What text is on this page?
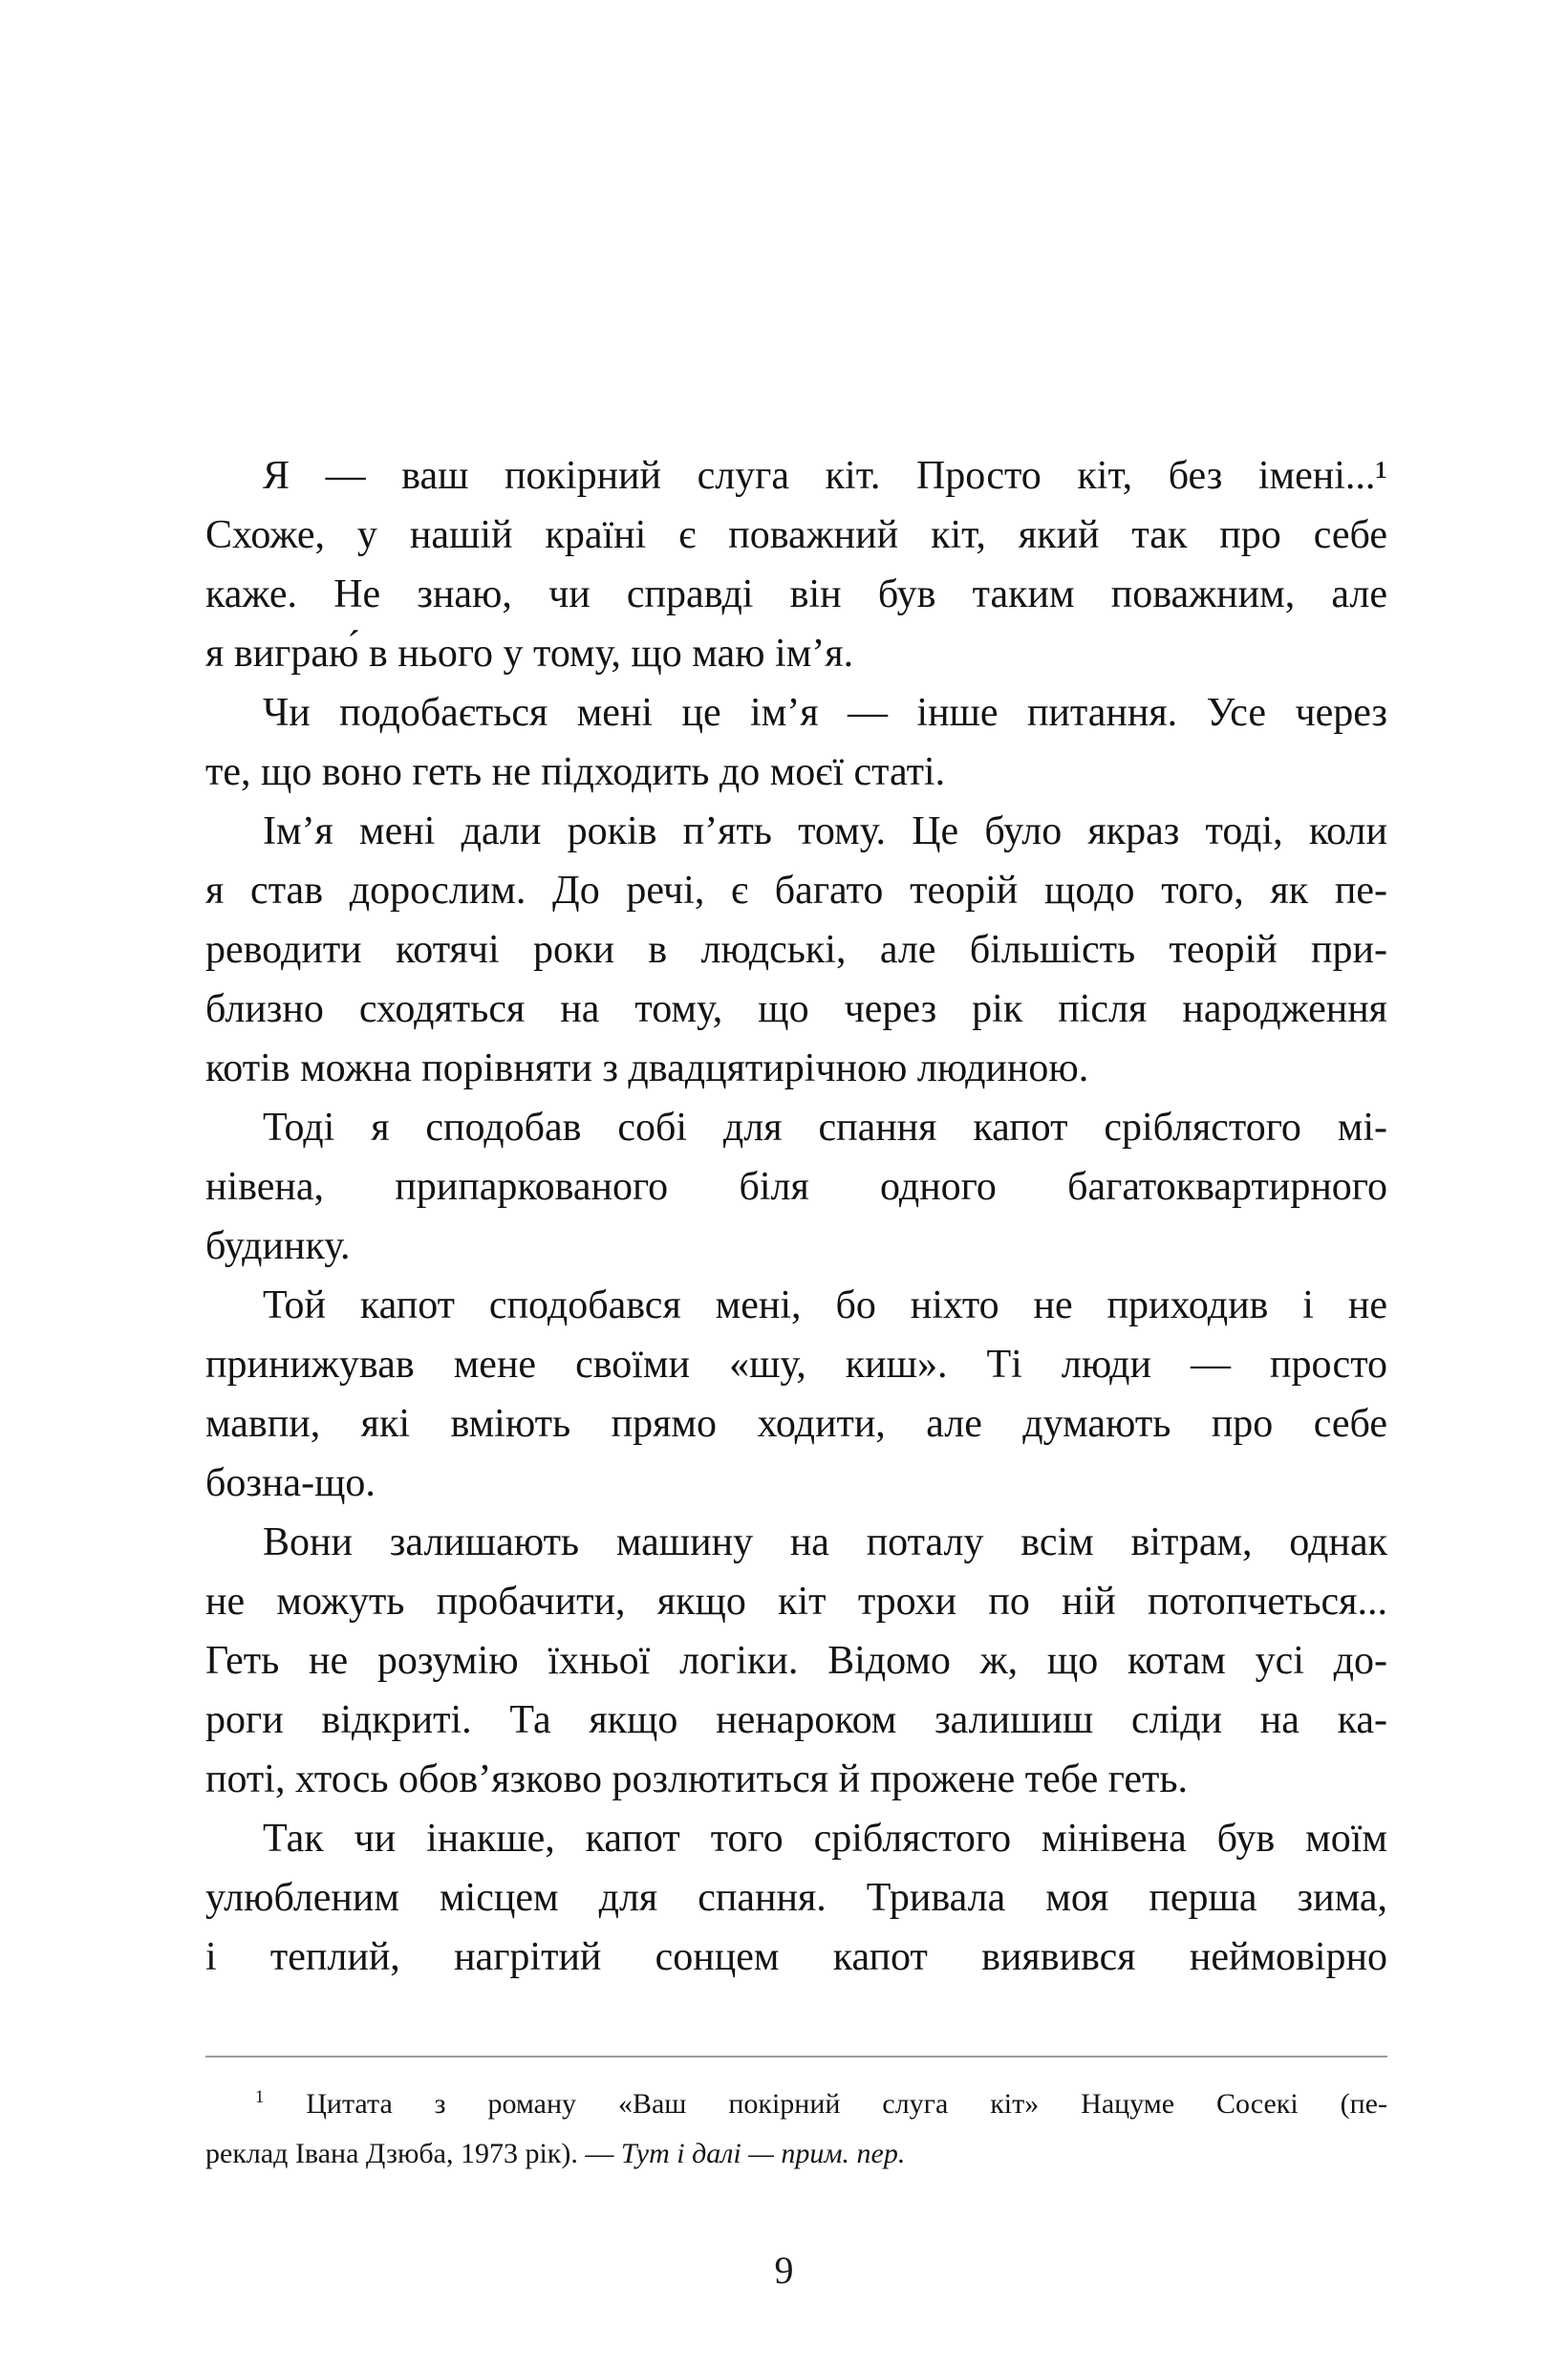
Я — ваш покірний слуга кіт. Просто кіт, без імені...¹
Схоже, у нашій країні є поважний кіт, який так про себе
каже. Не знаю, чи справді він був таким поважним, але
я виграю́ в нього у тому, що маю ім’я.
Чи подобається мені це ім’я — інше питання. Усе через
те, що воно геть не підходить до моєї статі.
Ім’я мені дали років п’ять тому. Це було якраз тоді, коли
я став дорослим. До речі, є багато теорій щодо того, як пе-
реводити котячі роки в людські, але більшість теорій при-
близно сходяться на тому, що через рік після народження
котів можна порівняти з двадцятирічною людиною.
Тоді я сподобав собі для спання капот сріблястого мі-
нівена, припаркованого біля одного багатоквартирного
будинку.
Той капот сподобався мені, бо ніхто не приходив і не
принижував мене своїми «шу, киш». Ті люди — просто
мавпи, які вміють прямо ходити, але думають про себе
бозна-що.
Вони залишають машину на поталу всім вітрам, однак
не можуть пробачити, якщо кіт трохи по ній потопчеться...
Геть не розумію їхньої логіки. Відомо ж, що котам усі до-
роги відкриті. Та якщо ненароком залишиш сліди на ка-
поті, хтось обов’язково розлютиться й прожене тебе геть.
Так чи інакше, капот того сріблястого мінівена був моїм
улюбленим місцем для спання. Тривала моя перша зима,
і теплий, нагрітий сонцем капот виявився неймовірно
$^1$ Цитата з роману «Ваш покірний слуга кіт» Нацуме Сосекі (пе-
реклад Івана Дзюба, 1973 рік). — Тут і далі — прим. пер.
9
